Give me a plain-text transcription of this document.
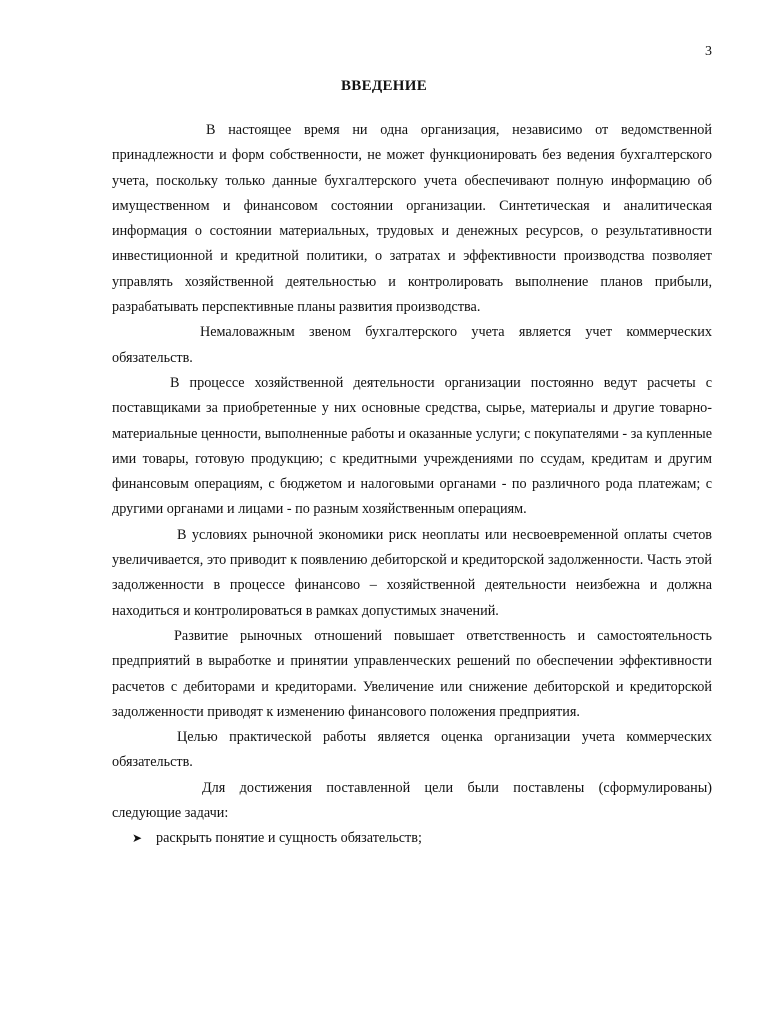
3
ВВЕДЕНИЕ

В настоящее время ни одна организация, независимо от ведомственной принадлежности и форм собственности, не может функционировать без ведения бухгалтерского учета, поскольку только данные бухгалтерского учета обеспечивают полную информацию об имущественном и финансовом состоянии организации. Синтетическая и аналитическая информация о состоянии материальных, трудовых и денежных ресурсов, о результативности инвестиционной и кредитной политики, о затратах и эффективности производства позволяет управлять хозяйственной деятельностью и контролировать выполнение планов прибыли, разрабатывать перспективные планы развития производства.

Немаловажным звеном бухгалтерского учета является учет коммерческих обязательств.

В процессе хозяйственной деятельности организации постоянно ведут расчеты с поставщиками за приобретенные у них основные средства, сырье, материалы и другие товарно-материальные ценности, выполненные работы и оказанные услуги; с покупателями - за купленные ими товары, готовую продукцию; с кредитными учреждениями по ссудам, кредитам и другим финансовым операциям, с бюджетом и налоговыми органами - по различного рода платежам; с другими органами и лицами - по разным хозяйственным операциям.

В условиях рыночной экономики риск неоплаты или несвоевременной оплаты счетов увеличивается, это приводит к появлению дебиторской и кредиторской задолженности. Часть этой задолженности в процессе финансово – хозяйственной деятельности неизбежна и должна находиться и контролироваться в рамках допустимых значений.

Развитие рыночных отношений повышает ответственность и самостоятельность предприятий в выработке и принятии управленческих решений по обеспечении эффективности расчетов с дебиторами и кредиторами. Увеличение или снижение дебиторской и кредиторской задолженности приводят к изменению финансового положения предприятия.

Целью практической работы является оценка организации учета коммерческих обязательств.

Для достижения поставленной цели были поставлены (сформулированы) следующие задачи:

➤ раскрыть понятие и сущность обязательств;
